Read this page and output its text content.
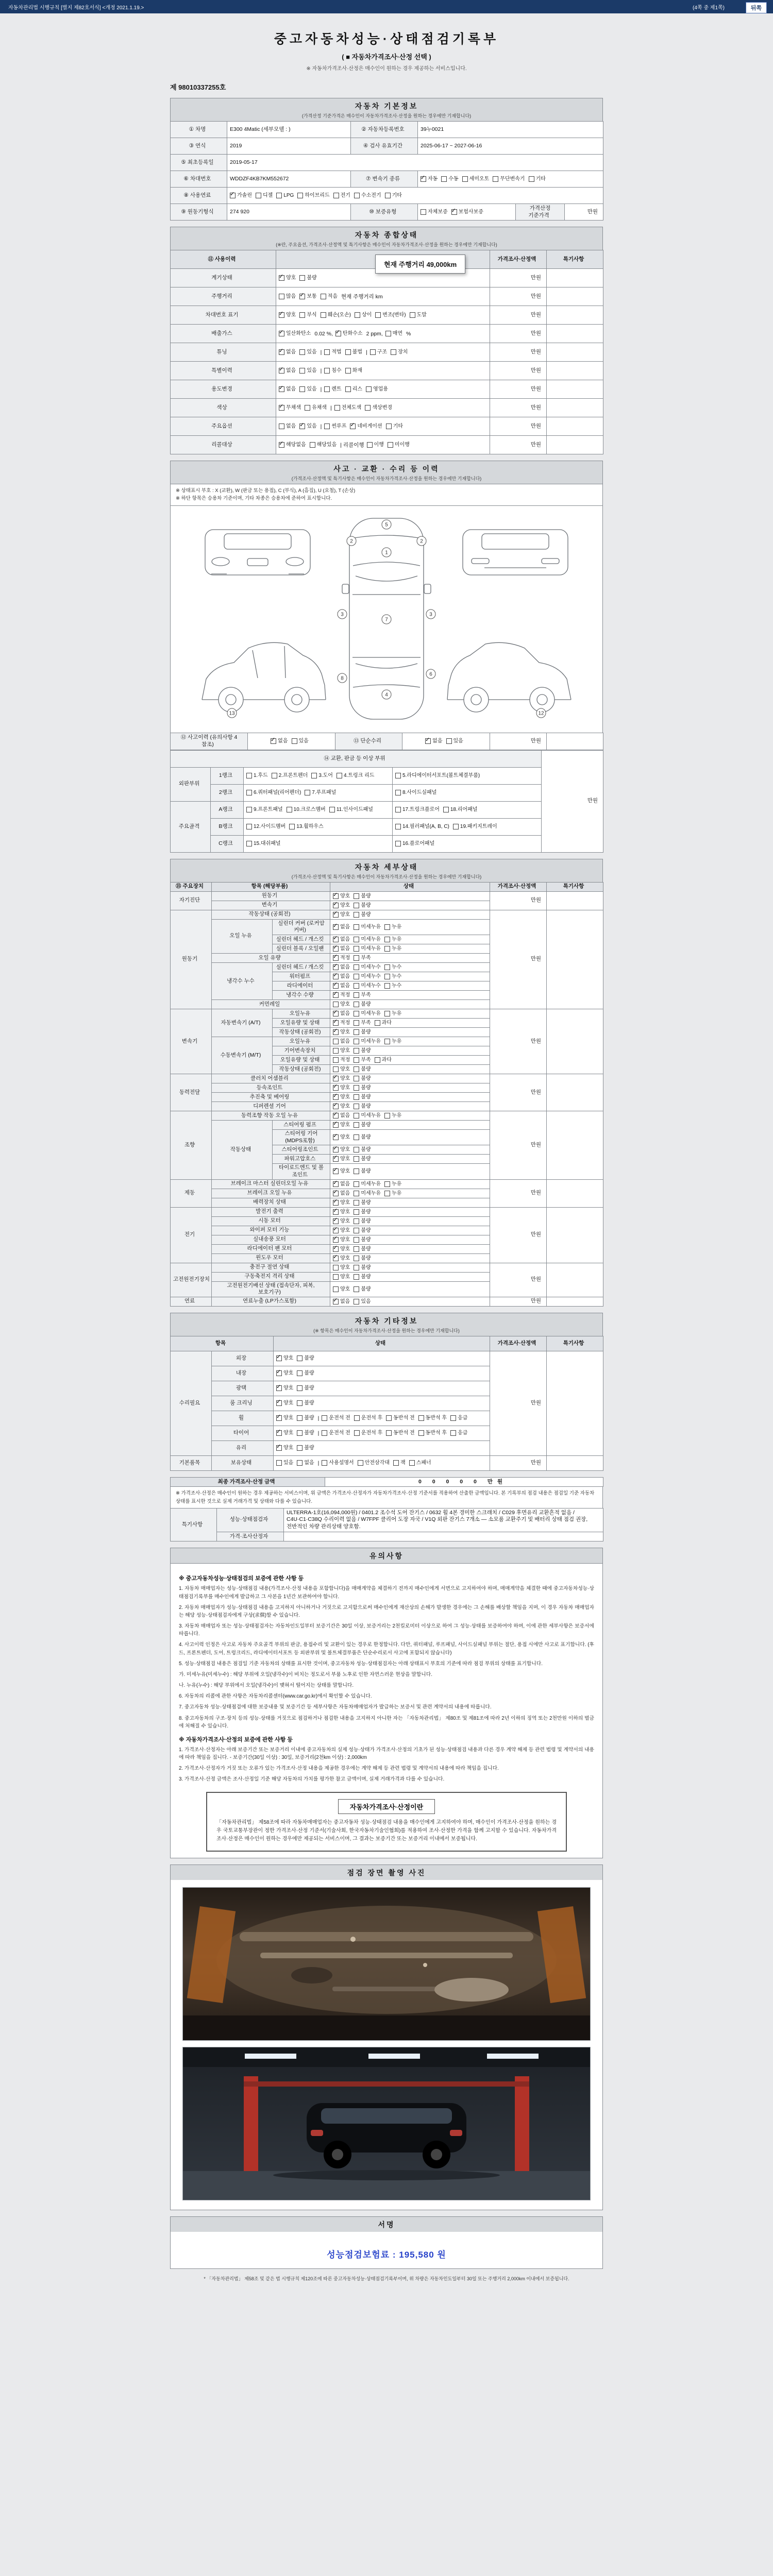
자동차관리법 시행규칙 [별지 제82호서식] <개정 2021.1.19.>	(4쪽 중 제1쪽)	뒤쪽
중고자동차성능·상태점검기록부
( ■ 자동차가격조사·산정 선택 )
※ 자동차가격조사·산정은 매수인이 원하는 경우 제공하는 서비스입니다.
제 98010337255호
자동차 기본정보
(가격산정 기준가격은 매수인이 자동차가격조사·산정을 원하는 경우에만 기재합니다)
① 차명	E300 4Matic (세부모델 : )	② 자동차등록번호	39누0021		
③ 연식	2019	④ 검사 유효기간	2025-06-17 ~ 2027-06-16		
⑤ 최초등록일	2019-05-17				
⑥ 차대번호	WDDZF4KB7KM552672	⑦ 변속기 종류	
✓자동 수동 세미오토 무단변속기 기타

⑧ 사용연료	
✓가솔린 디젤 LPG 하이브리드 전기 수소전기 기타

⑨ 원동기형식	274 920	⑩ 보증유형	자체보증 ✓ 보험사보증	가격산정 기준가격	만원
자동차 종합상태
(※란, 주요옵션, 가격조사·산정액 및 특기사항은 매수인이 자동차가격조사·산정을 원하는 경우에만 기재합니다)
⑪ 사용이력		가격조사·산정액	특기사항
계기상태	
✓양호 불량	만원	
주행거리	많음 ✓ 보통 적음 현재 주행거리 km	만원	
차대번호 표기	
✓양호 부식 훼손(오손) 상이 변조(변타) 도말	만원	
배출가스	
✓일산화탄소 0.02 %, ✓ 탄화수소 2 ppm, 매연 %	만원	
튜닝	
✓없음 있음 | 적법 불법 | 구조 장치	만원	
특별이력	
✓없음 있음 | 침수 화재	만원	
용도변경	
✓없음 있음 | 렌트 리스 영업용	만원	
색상	
✓무채색 유채색 | 전체도색 색상변경	만원	
주요옵션	없음 ✓ 있음 | 썬루프 ✓ 네비게이션 기타	만원	
리콜대상	
✓해당없음 해당있음 | 리콜이행 이행 미이행	만원	
현재 주행거리 49,000km
사고 · 교환 · 수리 등 이력
(가격조사·산정액 및 특기사항은 매수인이 자동차가격조사·산정을 원하는 경우에만 기재합니다)
※ 상태표시 부호 : X (교환), W (판금 또는 용접), C (부식), A (흠집), U (요철), T (손상)
※ 하단 항목은 승용차 기준이며, 기타 차종은 승용차에 준하여 표시합니다.
5
1
2	2
3	3
7
8
6
4
13	12
⑫ 사고이력 (유의사항 4 참조)	
✓없음 있음	⑬ 단순수리	
✓없음 있음	만원	
⑭ 교환, 판금 등 이상 부위				만원
외판부위	1랭크	1.후드 2.프론트펜더 3.도어 4.트렁크 리드	5.라디에이터서포트(볼트체결부품)	

	2랭크	6.쿼터패널(리어펜더) 7.루프패널	8.사이드실패널	

주요골격	A랭크	9.프론트패널 10.크로스멤버 11.인사이드패널	17.트렁크플로어 18.리어패널	

	B랭크	12.사이드멤버 13.휠하우스	14.필러패널(A, B, C) 19.패키지트레이	

	C랭크	15.대쉬패널	16.플로어패널	
자동차 세부상태
(가격조사·산정액 및 특기사항은 매수인이 자동차가격조사·산정을 원하는 경우에만 기재합니다)
⑮ 주요장치	항목 (해당부품)		상태	가격조사·산정액	특기사항
자기진단	원동기	
✓양호 불량	만원	
	변속기	
✓양호 불량

원동기	작동상태 (공회전)	
✓양호 불량	만원	
	오일 누유	실린더 커버 (로커암 커버)	
✓없음 미세누유 누유

		실린더 헤드 / 개스킷	
✓없음 미세누유 누유

		실린더 블록 / 오일팬	
✓없음 미세누유 누유

	오일 유량	
✓적정 부족

	냉각수 누수	실린더 헤드 / 개스킷	
✓없음 미세누수 누수

		워터펌프	
✓없음 미세누수 누수

		라디에이터	
✓없음 미세누수 누수

		냉각수 수량	
✓적정 부족

	커먼레일		양호 불량		

변속기	자동변속기 (A/T)	오일누유	
✓없음 미세누유 누유	만원	
		오일유량 및 상태	
✓적정 부족 과다

		작동상태 (공회전)	
✓양호 불량

	수동변속기 (M/T)	오일누유	없음 미세누유 누유		

		기어변속장치	양호 불량		

		오일유량 및 상태	적정 부족 과다		

		작동상태 (공회전)	양호 불량		

동력전달	클러치 어셈블리	
✓양호 불량	만원	
	등속조인트	
✓양호 불량

	추진축 및 베어링	
✓양호 불량

	디퍼렌셜 기어	
✓양호 불량

조향	동력조향 작동 오일 누유	
✓없음 미세누유 누유	만원	
	작동상태	스티어링 펌프	
✓양호 불량

		스티어링 기어 (MDPS포함)	
✓양호 불량

		스티어링조인트	
✓양호 불량

		파워고압호스	
✓양호 불량

		타이로드엔드 및 볼 조인트	
✓양호 불량

제동	브레이크 마스터 실린더오일 누유	
✓없음 미세누유 누유	만원	
	브레이크 오일 누유	
✓없음 미세누유 누유

	배력장치 상태	
✓양호 불량

전기	발전기 출력	
✓양호 불량	만원	
	시동 모터	
✓양호 불량

	와이퍼 모터 기능	
✓양호 불량

	실내송풍 모터	
✓양호 불량

	라디에이터 팬 모터	
✓양호 불량

	윈도우 모터	
✓양호 불량

고전원전기장치	충전구 절연 상태		양호 불량	만원	
	구동축전지 격리 상태		양호 불량		

	고전원전기배선 상태 (접속단자, 피복, 보호기구)		양호 불량		

연료	연료누출 (LP가스포함)	
✓없음 있음	만원	
자동차 기타정보
(※ 항목은 매수인이 자동차가격조사·산정을 원하는 경우에만 기재합니다)
항목		상태	가격조사·산정액	특기사항
수리필요	외장	
✓양호 불량	만원	
	내장	
✓양호 불량

	광택	
✓양호 불량

	룸 크리닝	
✓양호 불량

휠	
✓양호 불량 | 운전석 전 운전석 후 동반석 전 동반석 후 응급

타이어	
✓양호 불량 | 운전석 전 운전석 후 동반석 전 동반석 후 응급

	유리	
✓양호 불량

기본품목	보유상태	있음 없음 | 사용설명서 안전삼각대 잭 스패너	만원	
최종 가격조사·산정 금액	0 0 0 0 0 만원
※ 가격조사·산정은 매수인이 원하는 경우 제공하는 서비스이며, 위 금액은 가격조사·산정자가 자동차가격조사·산정 기준서를 적용하여 산출한 금액입니다. 본 기록부의 점검 내용은 점검일 기준 자동차 상태를 표시한 것으로 실제 거래가격 및 상태와 다를 수 있습니다.
특기사항	성능·상태점검자	ULTERRA-1호(16,094,000원) / 0401.2 조수석 도어 잔기스 / 0632 휠 4본 경미한 스크래치 / C029 후면유리 교환흔적 없음 / C4U·C1·C38Q 수리이력 없음 / W7FPF 클리어 도장 자국 / V1Q 외판 잔기스 7개소 — 소모품 교환주기 및 배터리 상태 점검 권장, 전반적인 차량 관리상태 양호함.
	가격·조사산정자	
유의사항

※ 중고자동차성능·상태점검의 보증에 관한 사항 등

1. 자동차 매매업자는 성능·상태점검 내용(가격조사·산정 내용을 포함합니다)을 매매계약을 체결하기 전까지 매수인에게 서면으로 고지하여야 하며, 매매계약을 체결한 때에 중고자동차성능·상태점검기록부를 매수인에게 발급하고 그 사본을 1년간 보관하여야 합니다.

2. 자동차 매매업자가 성능·상태점검 내용을 고지하지 아니하거나 거짓으로 고지함으로써 매수인에게 재산상의 손해가 발생한 경우에는 그 손해를 배상할 책임을 지며, 이 경우 자동차 매매업자는 해당 성능·상태점검자에게 구상(求償)할 수 있습니다.

3. 자동차 매매업자 또는 성능·상태점검자는 자동차인도일부터 보증기간은 30일 이상, 보증거리는 2천킬로미터 이상으로 하여 그 성능·상태를 보증하여야 하며, 이에 관한 세부사항은 보증서에 따릅니다.

4. 사고이력 인정은 사고로 자동차 주요골격 부위의 판금, 용접수리 및 교환이 있는 경우로 한정합니다. 다만, 쿼터패널, 루프패널, 사이드실패널 부위는 절단, 용접 시에만 사고로 표기합니다. (후드, 프론트펜더, 도어, 트렁크리드, 라디에이터서포트 등 외판부위 및 볼트체결부품은 단순수리로서 사고에 포함되지 않습니다)

5. 성능·상태점검 내용은 점검일 기준 자동차의 상태를 표시한 것이며, 중고자동차 성능·상태점검자는 아래 상태표시 부호의 기준에 따라 점검 부위의 상태를 표기합니다.

가. 미세누유(미세누수) : 해당 부위에 오일(냉각수)이 비치는 정도로서 부품 노후로 인한 자연스러운 현상을 말합니다.

나. 누유(누수) : 해당 부위에서 오일(냉각수)이 맺혀서 떨어지는 상태를 말합니다.

6. 자동차의 리콜에 관한 사항은 자동차리콜센터(www.car.go.kr)에서 확인할 수 있습니다.

7. 중고자동차 성능·상태점검에 대한 보증내용 및 보증기간 등 세부사항은 자동차매매업자가 발급하는 보증서 및 관련 계약서의 내용에 따릅니다.

8. 중고자동차의 구조·장치 등의 성능·상태를 거짓으로 점검하거나 점검한 내용을 고지하지 아니한 자는 「자동차관리법」 제80조 및 제81조에 따라 2년 이하의 징역 또는 2천만원 이하의 벌금에 처해질 수 있습니다.

※ 자동차가격조사·산정의 보증에 관한 사항 등

1. 가격조사·산정자는 아래 보증기간 또는 보증거리 이내에 중고자동차의 실제 성능·상태가 가격조사·산정의 기초가 된 성능·상태점검 내용과 다른 경우 계약 해제 등 관련 법령 및 계약서의 내용에 따라 책임을 집니다. - 보증기간(30일 이상) : 30일, 보증거리(2천km 이상) : 2,000km

2. 가격조사·산정자가 거짓 또는 오류가 있는 가격조사·산정 내용을 제공한 경우에는 계약 해제 등 관련 법령 및 계약서의 내용에 따라 책임을 집니다.

3. 가격조사·산정 금액은 조사·산정일 기준 해당 자동차의 가치를 평가한 참고 금액이며, 실제 거래가격과 다를 수 있습니다.

자동차가격조사·산정이란

「자동차관리법」 제58조에 따라 자동차매매업자는 중고자동차 성능·상태점검 내용을 매수인에게 고지하여야 하며, 매수인이 가격조사·산정을 원하는 경우 국토교통부장관이 정한 가격조사·산정 기준서(기술사회, 한국자동차기술인협회)를 적용하여 조사·산정한 가격을 함께 고지할 수 있습니다. 자동차가격조사·산정은 매수인이 원하는 경우에만 제공되는 서비스이며, 그 결과는 보증기간 또는 보증거리 이내에서 보증됩니다.

점검 장면 촬영 사진
서명
성능점검보험료 : 195,580 원
* 「자동차관리법」 제58조 및 같은 법 시행규칙 제120조에 따른 중고자동차성능·상태점검기록부이며, 위 차량은 자동차인도일부터 30일 또는 주행거리 2,000km 이내에서 보증됩니다.
